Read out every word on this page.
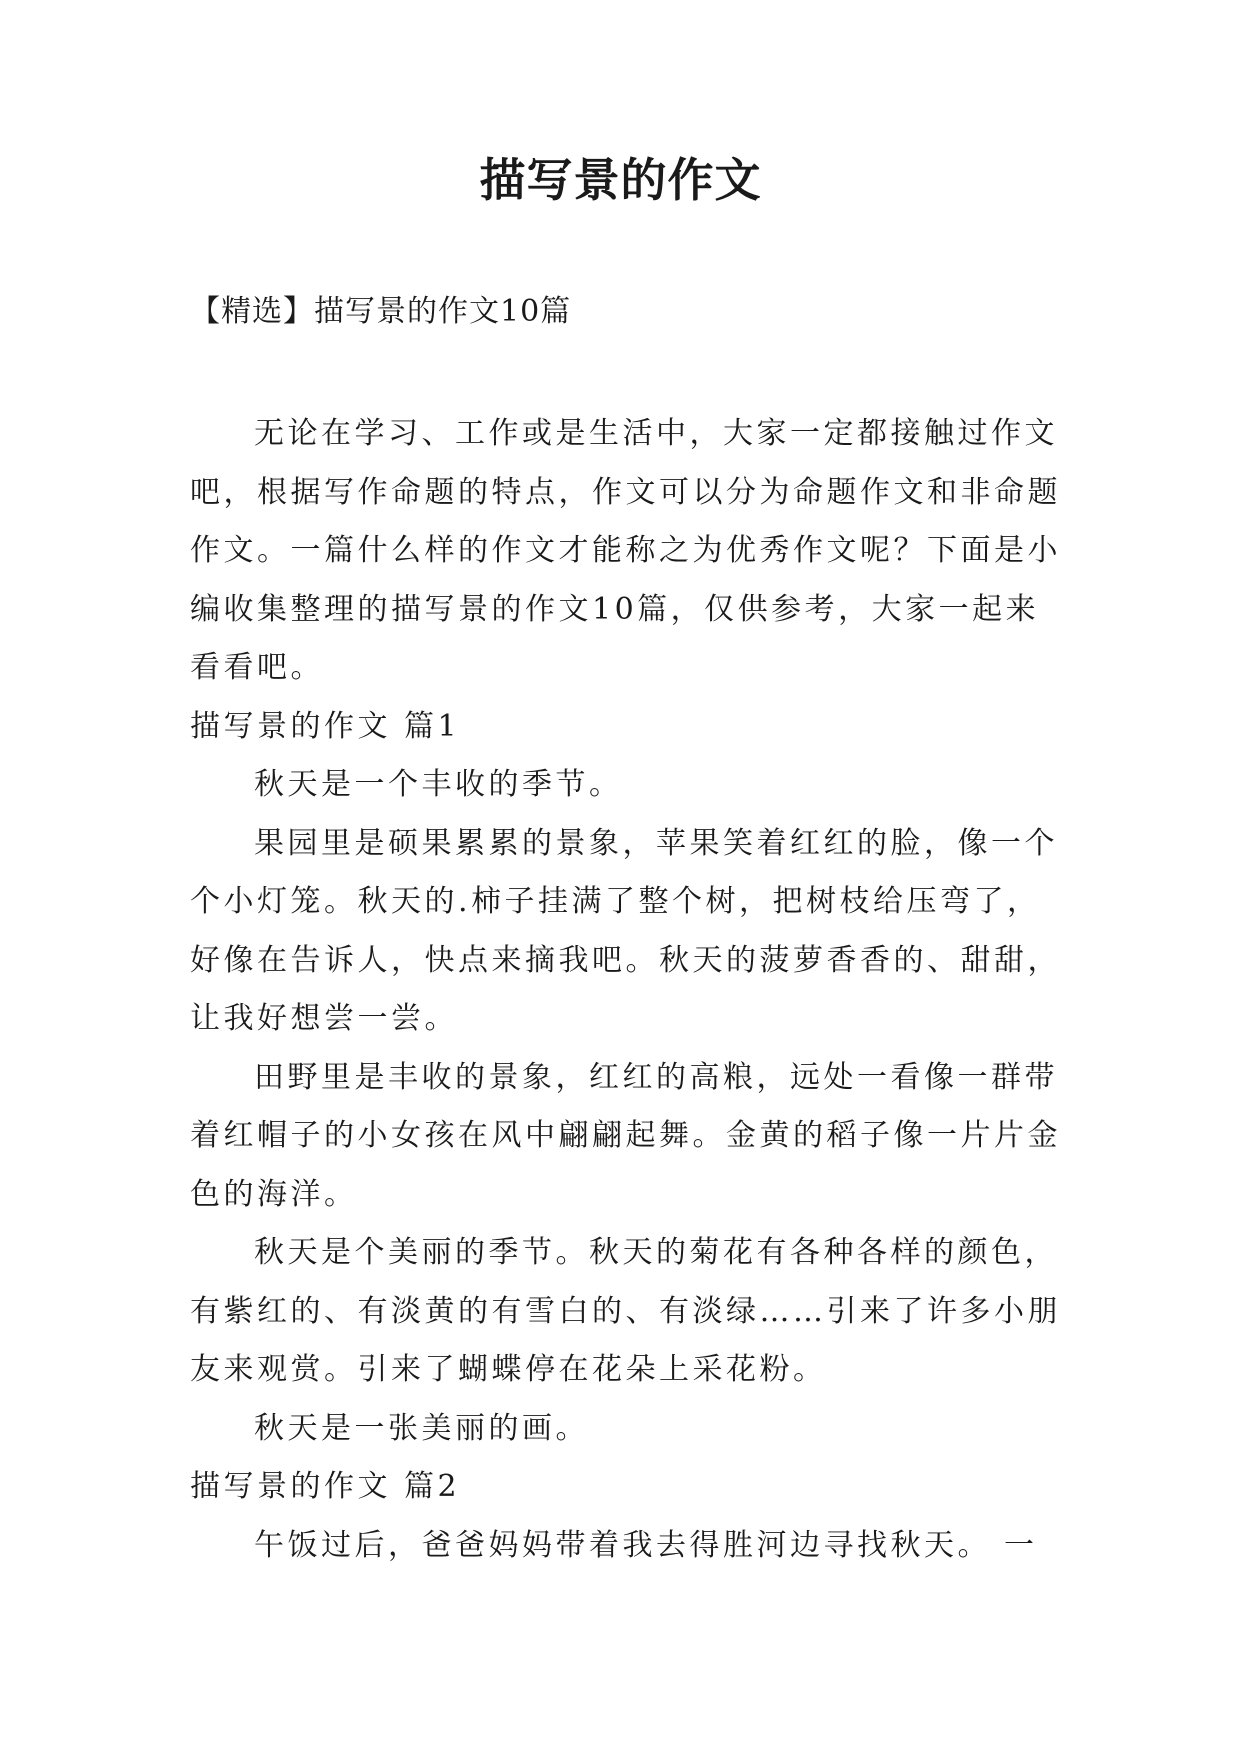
描写景的作文
【精选】描写景的作文10篇

无论在学习、工作或是生活中，大家一定都接触过作文吧，根据写作命题的特点，作文可以分为命题作文和非命题作文。一篇什么样的作文才能称之为优秀作文呢？下面是小编收集整理的描写景的作文10篇，仅供参考，大家一起来看看吧。

描写景的作文 篇1

秋天是一个丰收的季节。

果园里是硕果累累的景象，苹果笑着红红的脸，像一个个小灯笼。秋天的.柿子挂满了整个树，把树枝给压弯了，好像在告诉人，快点来摘我吧。秋天的菠萝香香的、甜甜，让我好想尝一尝。

田野里是丰收的景象，红红的高粮，远处一看像一群带着红帽子的小女孩在风中翩翩起舞。金黄的稻子像一片片金色的海洋。

秋天是个美丽的季节。秋天的菊花有各种各样的颜色，有紫红的、有淡黄的有雪白的、有淡绿……引来了许多小朋友来观赏。引来了蝴蝶停在花朵上采花粉。

秋天是一张美丽的画。

描写景的作文 篇2

午饭过后，爸爸妈妈带着我去得胜河边寻找秋天。 一
